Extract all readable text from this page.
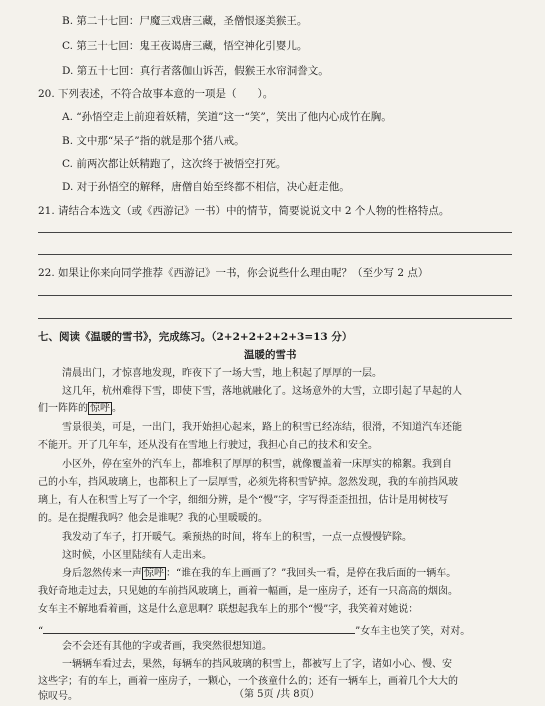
B. 第二十七回：尸魔三戏唐三藏，圣僧恨逐美猴王。
C. 第三十七回：鬼王夜谒唐三藏，悟空神化引婴儿。
D. 第五十七回：真行者落伽山诉苦，假猴王水帘洞誊文。
20. 下列表述，不符合故事本意的一项是（　　）。
A. “孙悟空走上前迎着妖精，笑道”这一“笑”，笑出了他内心成竹在胸。
B. 文中那“呆子”指的就是那个猪八戒。
C. 前两次都让妖精跑了，这次终于被悟空打死。
D. 对于孙悟空的解释，唐僧自始至终都不相信，决心赶走他。
21. 请结合本选文（或《西游记》一书）中的情节，简要说说文中 2 个人物的性格特点。
22. 如果让你来向同学推荐《西游记》一书，你会说些什么理由呢？（至少写 2 点）
七、阅读《温暖的雪书》，完成练习。（2+2+2+2+2+3=13 分）
温暖的雪书
清晨出门，才惊喜地发现，昨夜下了一场大雪，地上积起了厚厚的一层。
这几年，杭州难得下雪，即使下雪，落地就融化了。这场意外的大雪，立即引起了早起的人
们一阵阵的 惊呼 。
雪景很美，可是，一出门，我开始担心起来，路上的积雪已经冻结，很滑，不知道汽车还能
不能开。开了几年车，还从没有在雪地上行驶过，我担心自己的技术和安全。
小区外，停在室外的汽车上，都堆积了厚厚的积雪，就像覆盖着一床厚实的棉絮。我到自
己的小车，挡风玻璃上，也都积上了一层厚雪，必须先将积雪铲掉。忽然发现，我的车前挡风玻
璃上，有人在积雪上写了一个字，细细分辨，是个“慢”字，字写得歪歪扭扭，估计是用树枝写
的。是在提醒我吗？他会是谁呢？我的心里暖暖的。
我发动了车子，打开暖气。乘预热的时间，将车上的积雪，一点一点慢慢铲除。
这时候，小区里陆续有人走出来。
身后忽然传来一声 惊呼 ：“谁在我的车上画画了？”我回头一看，是停在我后面的一辆车。
我好奇地走过去，只见她的车前挡风玻璃上，画着一幅画，是一座房子，还有一只高高的烟囱。
女车主不解地看着画，这是什么意思啊？联想起我车上的那个“慢”字，我笑着对她说：
“	”女车主也笑了笑，对对。
会不会还有其他的字或者画，我突然很想知道。
一辆辆车看过去，果然，每辆车的挡风玻璃的积雪上，都被写上了字，诸如小心、慢、安
这些字；有的车上，画着一座房子，一颗心，一个孩童什么的；还有一辆车上，画着几个大大的
惊叹号。	（第 5页 /共 8页）
